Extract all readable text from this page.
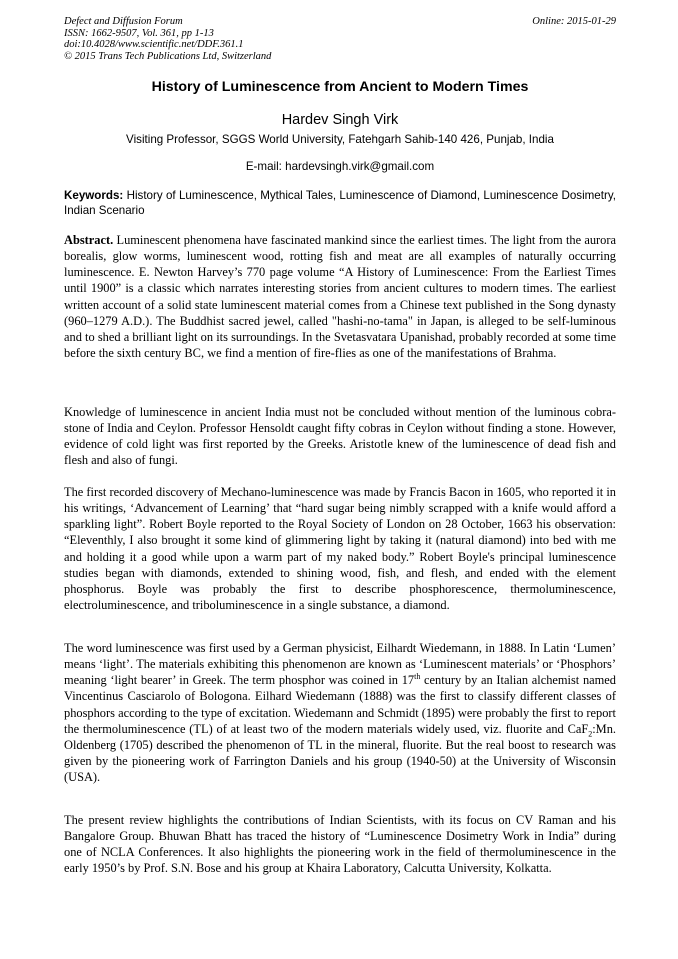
Defect and Diffusion Forum
ISSN: 1662-9507, Vol. 361, pp 1-13
doi:10.4028/www.scientific.net/DDF.361.1
© 2015 Trans Tech Publications Ltd, Switzerland
Online: 2015-01-29
History of Luminescence from Ancient to Modern Times
Hardev Singh Virk
Visiting Professor, SGGS World University, Fatehgarh Sahib-140 426, Punjab, India
E-mail: hardevsingh.virk@gmail.com
Keywords: History of Luminescence, Mythical Tales, Luminescence of Diamond, Luminescence Dosimetry, Indian Scenario
Abstract. Luminescent phenomena have fascinated mankind since the earliest times. The light from the aurora borealis, glow worms, luminescent wood, rotting fish and meat are all examples of naturally occurring luminescence. E. Newton Harvey’s 770 page volume “A History of Luminescence: From the Earliest Times until 1900” is a classic which narrates interesting stories from ancient cultures to modern times. The earliest written account of a solid state luminescent material comes from a Chinese text published in the Song dynasty (960–1279 A.D.). The Buddhist sacred jewel, called "hashi-no-tama" in Japan, is alleged to be self-luminous and to shed a brilliant light on its surroundings. In the Svetasvatara Upanishad, probably recorded at some time before the sixth century BC, we find a mention of fire-flies as one of the manifestations of Brahma.
Knowledge of luminescence in ancient India must not be concluded without mention of the luminous cobra-stone of India and Ceylon. Professor Hensoldt caught fifty cobras in Ceylon without finding a stone. However, evidence of cold light was first reported by the Greeks. Aristotle knew of the luminescence of dead fish and flesh and also of fungi.
The first recorded discovery of Mechano-luminescence was made by Francis Bacon in 1605, who reported it in his writings, ‘Advancement of Learning’ that “hard sugar being nimbly scrapped with a knife would afford a sparkling light”. Robert Boyle reported to the Royal Society of London on 28 October, 1663 his observation: “Eleventhly, I also brought it some kind of glimmering light by taking it (natural diamond) into bed with me and holding it a good while upon a warm part of my naked body.” Robert Boyle's principal luminescence studies began with diamonds, extended to shining wood, fish, and flesh, and ended with the element phosphorus. Boyle was probably the first to describe phosphorescence, thermoluminescence, electroluminescence, and triboluminescence in a single substance, a diamond.
The word luminescence was first used by a German physicist, Eilhardt Wiedemann, in 1888. In Latin ‘Lumen’ means ‘light’. The materials exhibiting this phenomenon are known as ‘Luminescent materials’ or ‘Phosphors’ meaning ‘light bearer’ in Greek. The term phosphor was coined in 17th century by an Italian alchemist named Vincentinus Casciarolo of Bologona. Eilhard Wiedemann (1888) was the first to classify different classes of phosphors according to the type of excitation. Wiedemann and Schmidt (1895) were probably the first to report the thermoluminescence (TL) of at least two of the modern materials widely used, viz. fluorite and CaF$_2$:Mn. Oldenberg (1705) described the phenomenon of TL in the mineral, fluorite. But the real boost to research was given by the pioneering work of Farrington Daniels and his group (1940-50) at the University of Wisconsin (USA).
The present review highlights the contributions of Indian Scientists, with its focus on CV Raman and his Bangalore Group. Bhuwan Bhatt has traced the history of “Luminescence Dosimetry Work in India” during one of NCLA Conferences. It also highlights the pioneering work in the field of thermoluminescence in the early 1950’s by Prof. S.N. Bose and his group at Khaira Laboratory, Calcutta University, Kolkatta.
